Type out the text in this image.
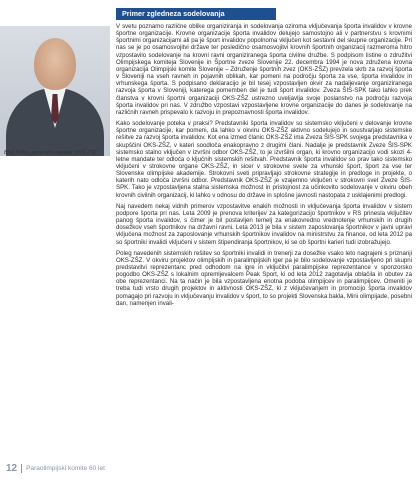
Primer zgledneza sodelovanja
Blaž Fritko, generalni sekretar OKS-ZŠZ

V svetu poznamo različne oblike organiziranja in sodelovanja oziroma vključevanja športa invalidov v krovne športne organizacije. Krovne organizacije športa invalidov delujejo samostojno ali v partnerstvu s krovnimi športnimi organizacijami ali pa je šport invalidov popolnoma vključen kot sestavni del skupne organizacije. Pri nas se je po osamosvojitvi države ter posledično osamosvojitvi krovnih športnih organizacij razmeroma hitro vzpostavilo sodelovanje na krovni ravni organiziranega športa civilne družbe. S podpisom listine o združitvi Olimpijskega komiteja Slovenije in Športne zveze Slovenije 22. decembra 1994 je nova združena krovna organizacija Olimpijski komite Slovenije – Združenje športnih zvez (OKS-ZŠZ) prevzela skrb za razvoj športa v Sloveniji na vseh ravneh in pojavnih oblikah, kar pomeni na področju športa za vse, športa invalidov in vrhunskega športa. S podpisano deklaracijo je bil tesej vzpostavljen okvir za nadaljevanje organiziranega razvoja športa v Sloveniji, katerega pomemben del je tudi šport invalidov. Zveza ŠIS-SPK tako lahko prek članstva v krovni športni organizaciji OKS-ZŠZ ustrezno uveljavlja svoje poslanstvo na področju razvoja športa invalidov pri nas. V združbo vzpostavi vzpostavljene krovne organizacije do danes je sodelovanje na različnih ravneh prispevalo k razvoju in prepoznavnosti športa invalidov.

Kako sodelovanje poteka v praksi? Predstavniki športa invalidov so sistemsko vključeni v delovanje krovne športne organizacije, kar pomeni, da lahko v okviru OKS-ZŠZ aktivno sodelujejo in soustvarjajo sistemske rešitve za razvoj športa invalidov. Kot ena izmed članic OKS-ZŠZ ima Zveza ŠIS-SPK svojega predstavnika v skupščini OKS-ZŠZ, v kateri soodloča enakopravno z drugimi člani. Nadalje je predstavnik Zveze ŠIS-SPK sistemsko stalno vključen v izvršni odbor OKS-ZŠZ, to je izvršilni organ, ki krovno organizacijo vodi skozi 4-letne mandate ter odloča o ključnih sistemskih rešitvah. Predstavnik športa invalidov so prav tako sistemsko vključeni v strokovne organe OKS-ZŠZ, in sicer v strokovne svete za vrhunski šport, šport za vse ter Slovenske olimpijske akademije. Strokovni sveti pripravljajo strokovne strategije in predloge in projekte, o katerih nato odloča izvršni odbor. Predstavnik OKS-ZŠZ je vzajemno vključen v strokovni svet Zveze ŠIS-SPK. Tako je vzpostavljena stalna sistemska možnost in pristojnost za učinkovito sodelovanje v okviru obeh krovnih civilnih organizacij, ki lahko v odnosu do države in splošne javnosti nastopata z usklajenimi predlogi.

Naj navedem nekaj vidnih primerov vzpostavitve enakih možnosti in vključevanja športa invalidov v sistem podpore športa pri nas. Leta 2009 je prenova kriterijev za kategorizacijo športnikov v RS prinesla vključitev panog športa invalidov, s čimer je bil postavljen temelj za enakovredno vrednotenje vrhunskih in drugih dosežkov vseh športnikov na državni ravni. Leta 2013 je bila v sistem zaposlovanja športnikov v javni upravi vključena možnost za zaposlovanje vrhunskih športnikov invalidov na ministrstvu za finance, od leta 2012 pa so športniki invalidi vključeni v sistem štipendiranja športnikov, ki se ob športni karieri tudi izobražujejo.

Poleg navedenih sistemskih rešitev so športniki invalidi in trenerji za dosežke vsako leto nagrajeni s priznanji OKS-ZŠZ. V okviru projektov olimpijskih in paralimpijskih iger pa je bilo sodelovanje vzpostavljeno pri skupni predstavitvi reprezentanc pred odhodom na igre in vključitvi paralimpijske reprezentance v sponzorsko pogodbo OKS-ZŠZ s lokalnim opremljevalcem Peak Sport, ki od leta 2012 zagotavlja oblačila in obutev za obe reprezentanci. Na ta način je bila vzpostavljena enotna podoba olimpijcev in paralimpijcev. Omeniti je treba tudi vrsto drugih projektov in aktivnosti OKS-ZŠZ, ki z vključevanjem in promocijo športa invalidov pomagajo pri razvoju in vključevanju invalidov v šport, to so projekti Slovenska bakla, Mini olimpijade, posebni dan, namenjen invali-

12 Paraolimpijski komite 60 let
